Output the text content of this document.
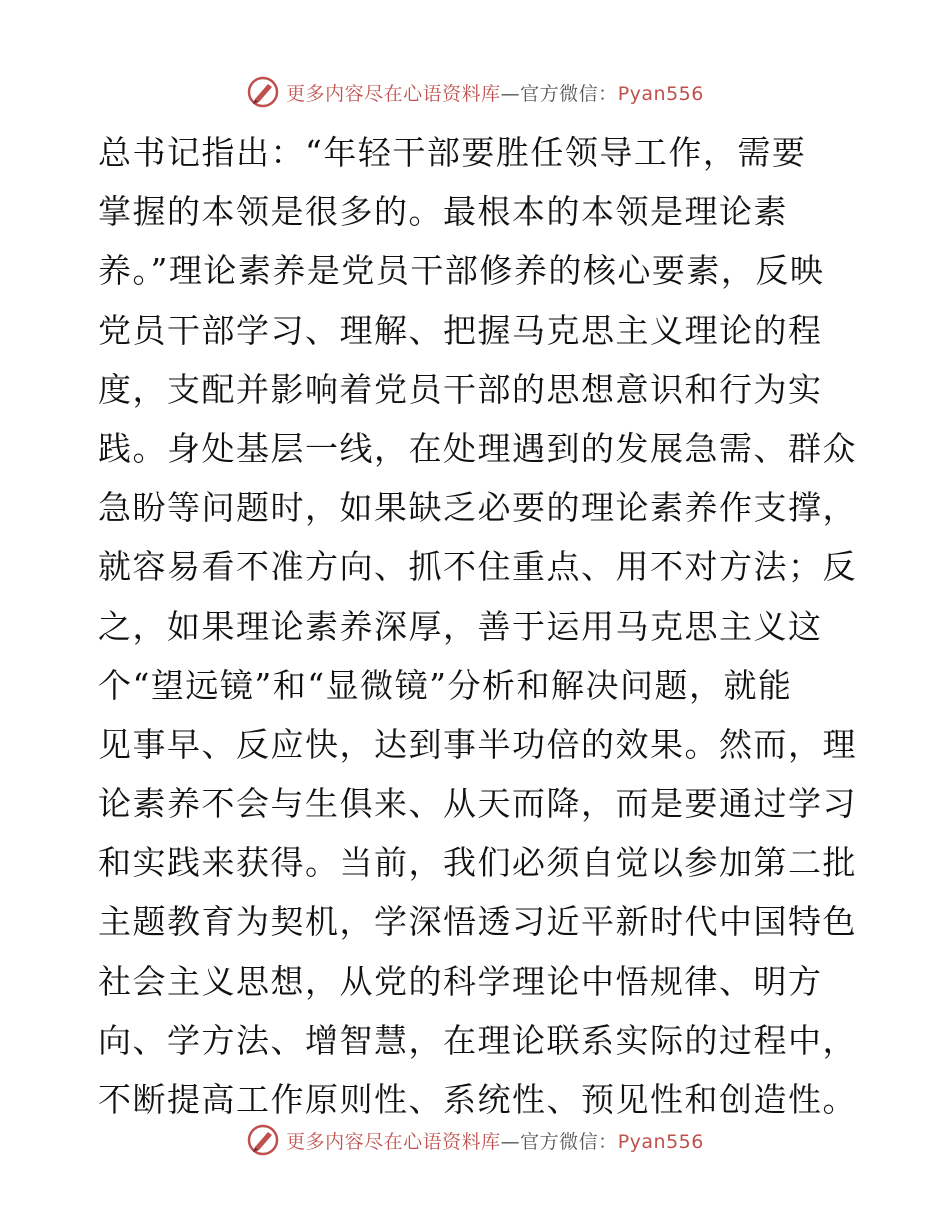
更多内容尽在心语资料库—官方微信：Pyan556
总书记指出：“年轻干部要胜任领导工作，需要
掌握的本领是很多的。最根本的本领是理论素
养。”理论素养是党员干部修养的核心要素，反映
党员干部学习、理解、把握马克思主义理论的程
度，支配并影响着党员干部的思想意识和行为实
践。身处基层一线，在处理遇到的发展急需、群众
急盼等问题时，如果缺乏必要的理论素养作支撑，
就容易看不准方向、抓不住重点、用不对方法；反
之，如果理论素养深厚，善于运用马克思主义这
个“望远镜”和“显微镜”分析和解决问题，就能
见事早、反应快，达到事半功倍的效果。然而，理
论素养不会与生俱来、从天而降，而是要通过学习
和实践来获得。当前，我们必须自觉以参加第二批
主题教育为契机，学深悟透习近平新时代中国特色
社会主义思想，从党的科学理论中悟规律、明方
向、学方法、增智慧，在理论联系实际的过程中，
不断提高工作原则性、系统性、预见性和创造性。
更多内容尽在心语资料库—官方微信：Pyan556
